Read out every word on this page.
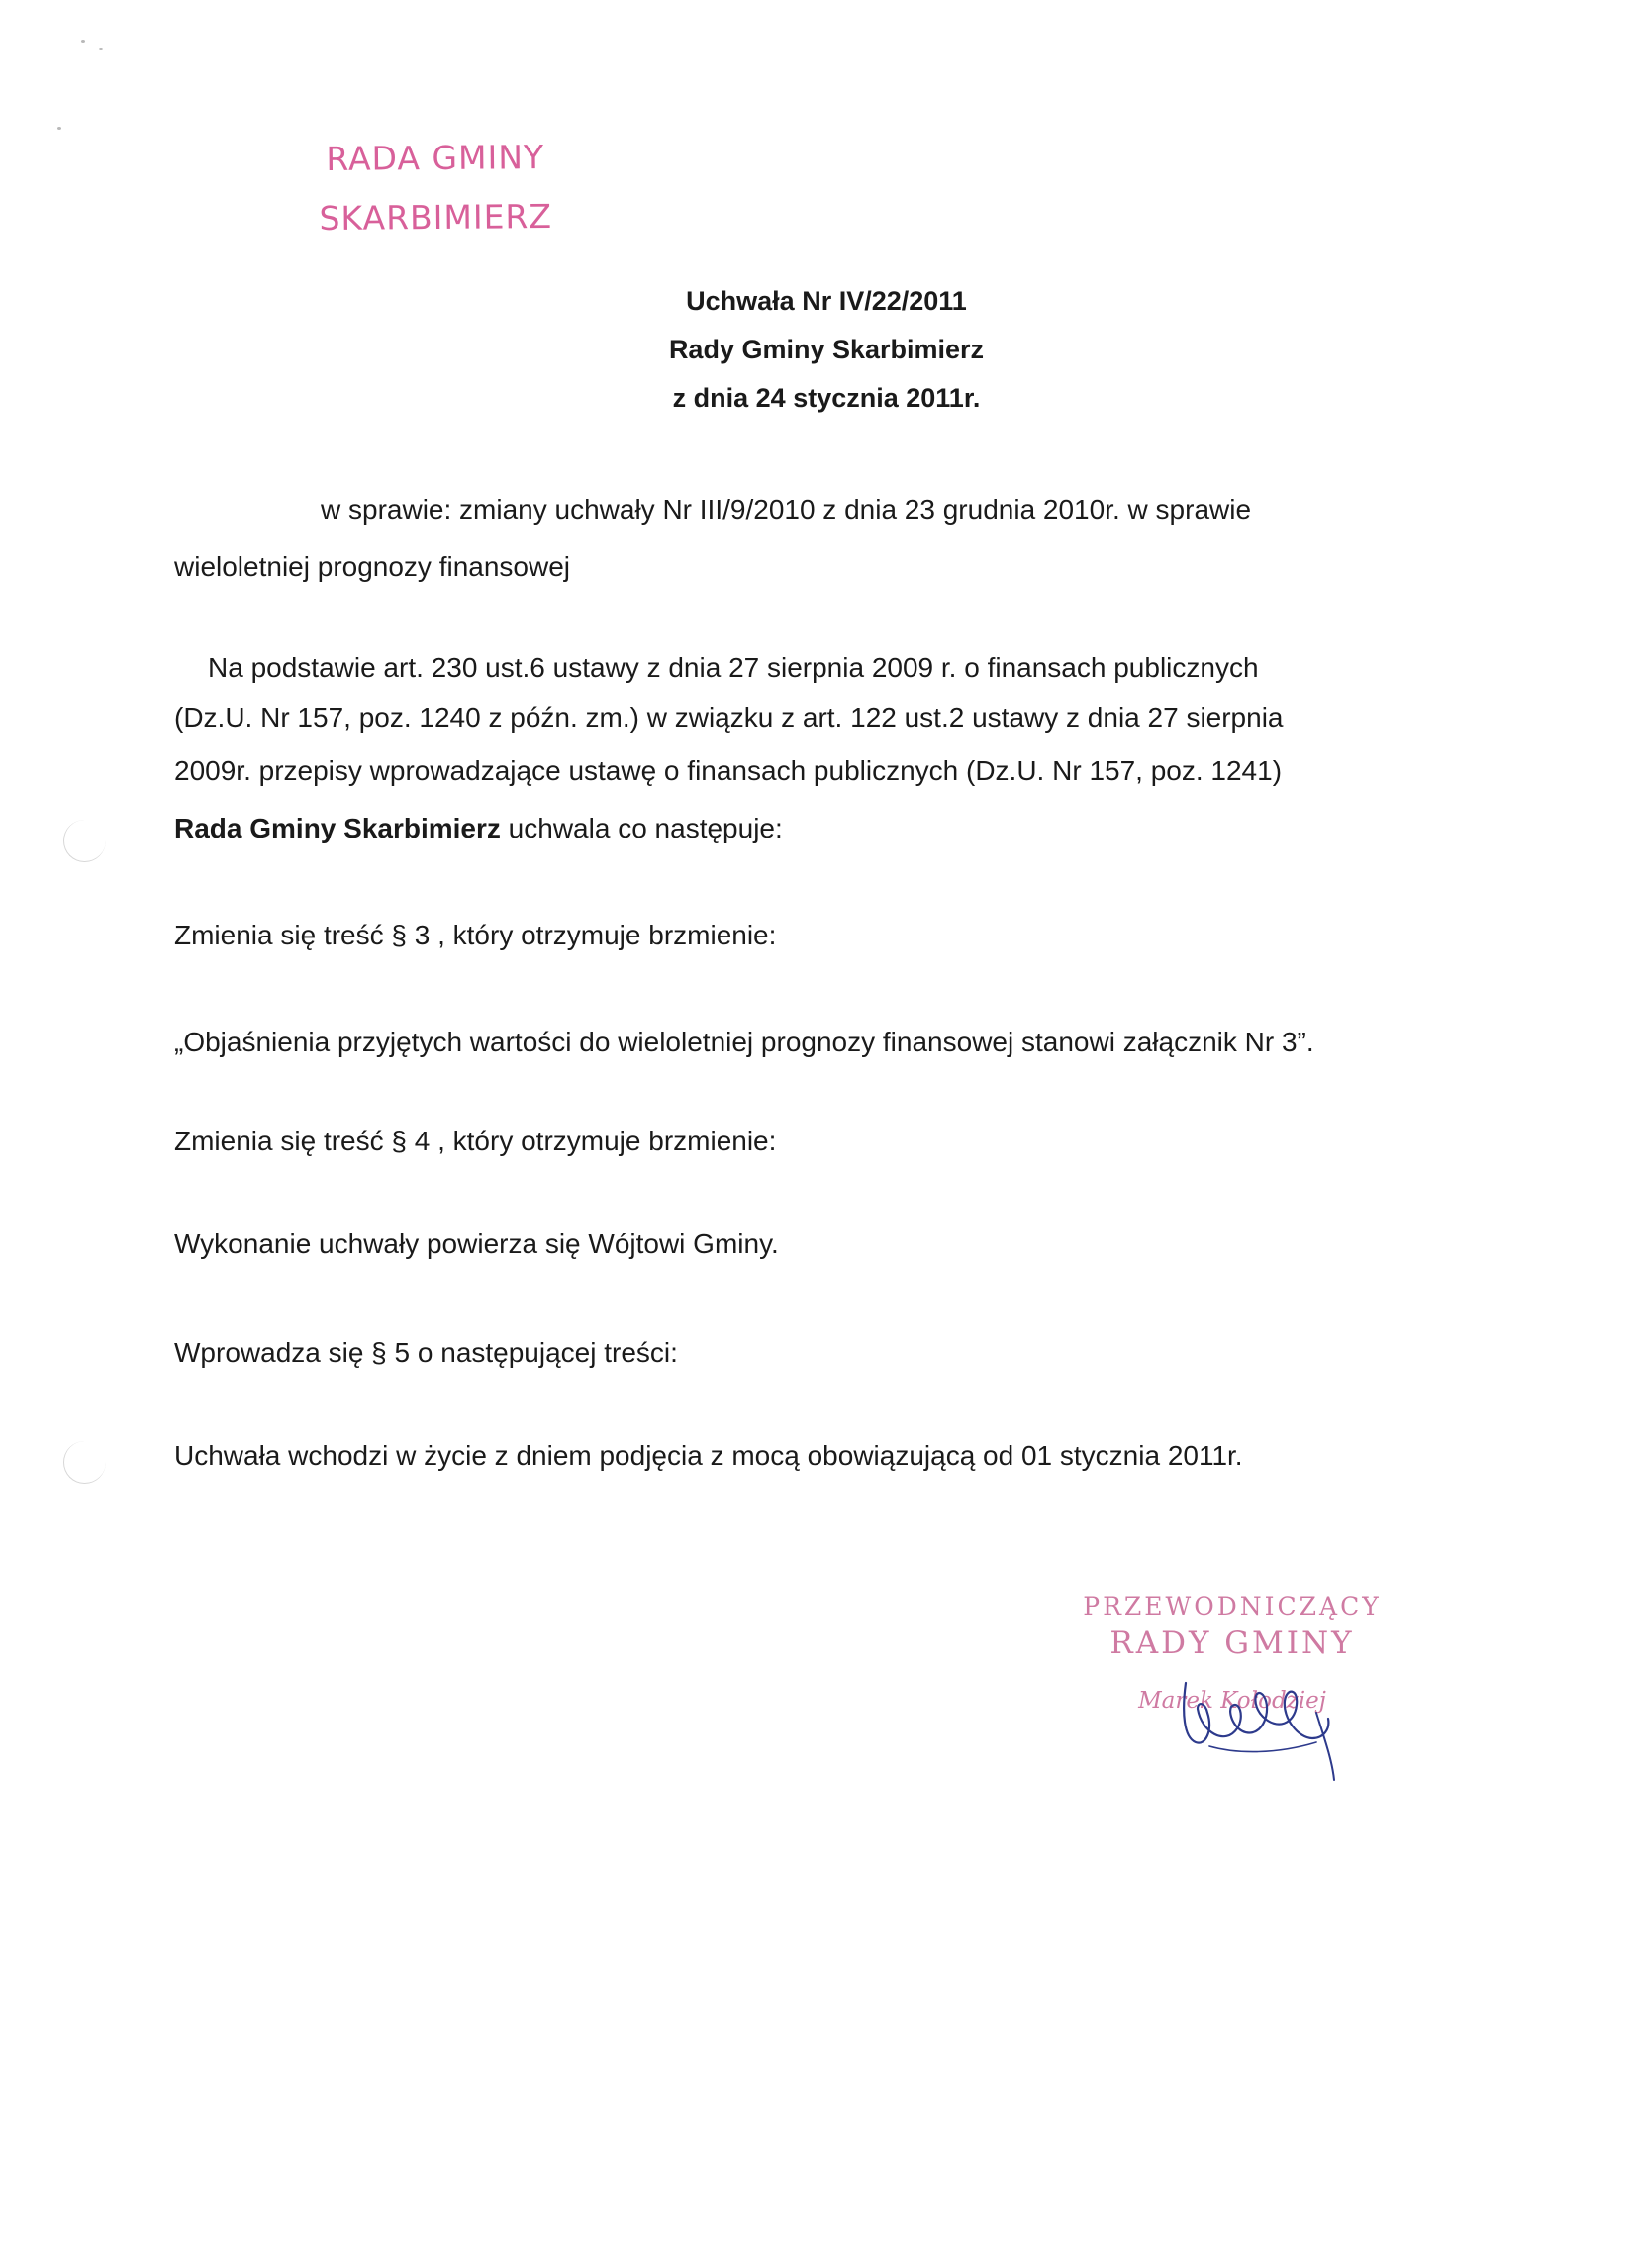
RADA GMINY
SKARBIMIERZ
Uchwała Nr IV/22/2011
Rady Gminy Skarbimierz
z dnia 24 stycznia 2011r.
w sprawie: zmiany uchwały Nr III/9/2010 z dnia 23 grudnia 2010r. w sprawie
wieloletniej prognozy finansowej
Na podstawie art. 230 ust.6 ustawy z dnia 27 sierpnia 2009 r. o finansach publicznych
(Dz.U. Nr 157, poz. 1240 z późn. zm.) w związku z art. 122 ust.2 ustawy z dnia 27 sierpnia
2009r. przepisy wprowadzające ustawę o finansach publicznych (Dz.U. Nr 157, poz. 1241)
Rada Gminy Skarbimierz uchwala co następuje:
Zmienia się treść § 3 , który otrzymuje brzmienie:
„Objaśnienia przyjętych wartości do wieloletniej prognozy finansowej stanowi załącznik Nr 3”.
Zmienia się treść § 4 , który otrzymuje brzmienie:
Wykonanie uchwały powierza się Wójtowi Gminy.
Wprowadza się § 5 o następującej treści:
Uchwała wchodzi w życie z dniem podjęcia z mocą obowiązującą od 01 stycznia 2011r.
PRZEWODNICZĄCY
RADY GMINY
Marek Kołodziej
